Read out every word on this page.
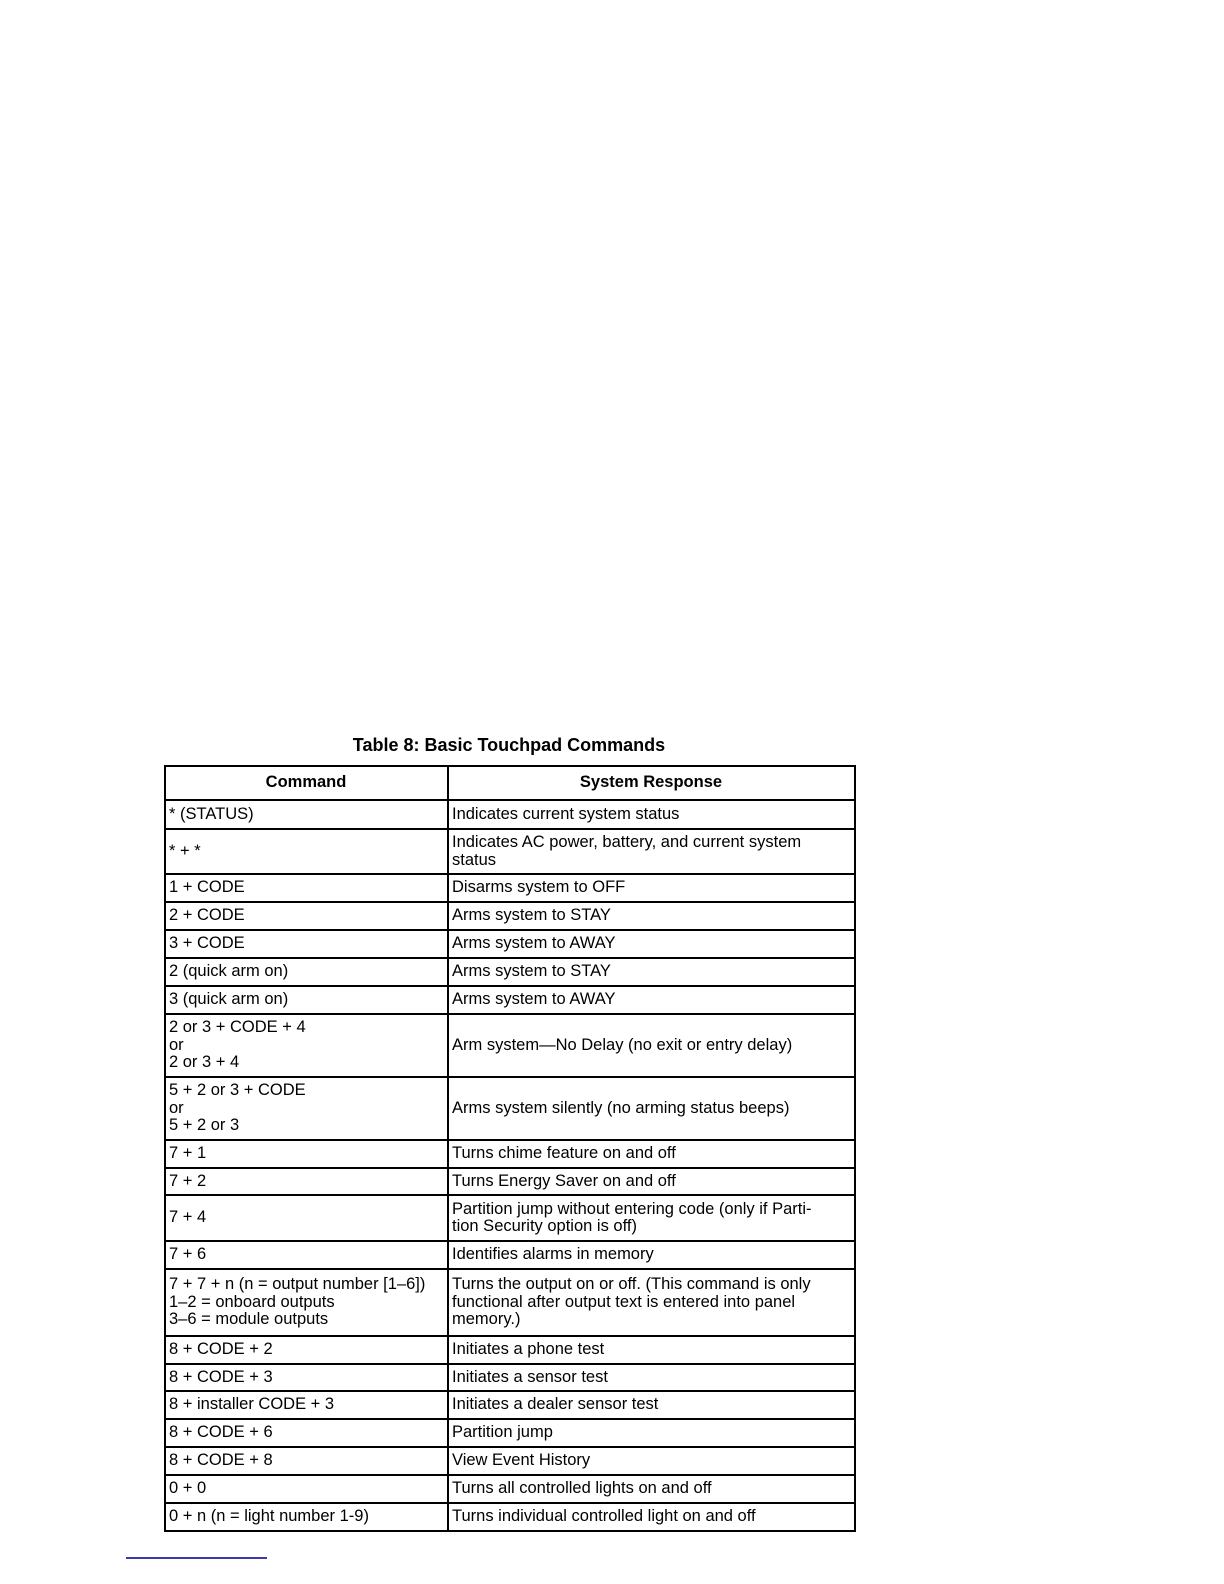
Table 8: Basic Touchpad Commands
Command	System Response
* (STATUS)	Indicates current system status
* + *	Indicates AC power, battery, and current system
status
1 + CODE	Disarms system to OFF
2 + CODE	Arms system to STAY
3 + CODE	Arms system to AWAY
2 (quick arm on)	Arms system to STAY
3 (quick arm on)	Arms system to AWAY
2 or 3 + CODE + 4
or
2 or 3 + 4	Arm system—No Delay (no exit or entry delay)
5 + 2 or 3 + CODE
or
5 + 2 or 3	Arms system silently (no arming status beeps)
7 + 1	Turns chime feature on and off
7 + 2	Turns Energy Saver on and off
7 + 4	Partition jump without entering code (only if Parti-
tion Security option is off)
7 + 6	Identifies alarms in memory
7 + 7 + n (n = output number [1–6])
1–2 = onboard outputs
3–6 = module outputs	Turns the output on or off. (This command is only
functional after output text is entered into panel
memory.)
8 + CODE + 2	Initiates a phone test
8 + CODE + 3	Initiates a sensor test
8 + installer CODE + 3	Initiates a dealer sensor test
8 + CODE + 6	Partition jump
8 + CODE + 8	View Event History
0 + 0	Turns all controlled lights on and off
0 + n (n = light number 1-9)	Turns individual controlled light on and off
